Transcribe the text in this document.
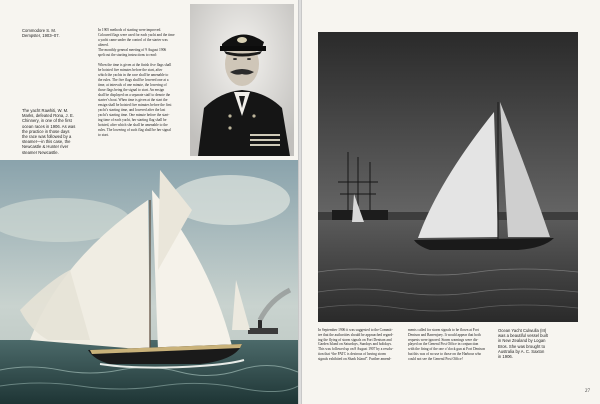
Commodore S. M.
Dempster, 1903–07.

The yacht Rawhiti, W. M.
Marks, defeated Rona, J. E.
Chinnery, in one of the first
ocean races in 1906. As was
the practice in those days
the race was followed by a
steamer—in this case, the
Newcastle & Hunter river
steamer Newcastle.

In 1905 methods of starting were improved.
Coloured flags were used for each yacht and the time
a yacht came under the control of the starter was
altered.
The monthly general meeting of 9 August 1906
spelt out the starting instructions to read:

When the time is given at the finish five flags shall
be hoisted five minutes before the start, after
which the yachts in the race shall be amenable to
the rules. The five flags shall be lowered one at a
time, at intervals of one minute, the lowering of
those flags being the signal to start. An ensign
shall be displayed on a separate staff to denote the
starter’s boat. When time is given at the start the
ensign shall be hoisted five minutes before the first
yacht’s starting time, and lowered after the last
yacht’s starting time. One minute before the start-
ing time of each yacht, her starting flag shall be
hoisted, after which she shall be amenable to the
rules. The lowering of such flag shall be her signal
to start.

In September 1906 it was suggested to the Commit-
tee that the authorities should be approached regard-
ing the flying of storm signals on Fort Denison and
Garden Island on Saturdays, Sundays and holidays.
This was followed up on 8 August 1907 by a resolu-
tion that “the PATC is desirous of having storm
signals exhibited on Shark Island”. Further amend-

ments called for storm signals to be flown at Fort
Denison and Barrenjoey. It would appear that both
requests were ignored. Storm warnings were dis-
played on the General Post Office in conjunction
with the firing of the one o’clock gun at Fort Denison
but this was of no use to those on the Harbour who
could not see the General Post Office!

Ocean Yacht Culwulla (III)
was a beautiful vessel built
in New Zealand by Logan
Bros. She was brought to
Australia by A. C. Saxton
in 1906.

27
